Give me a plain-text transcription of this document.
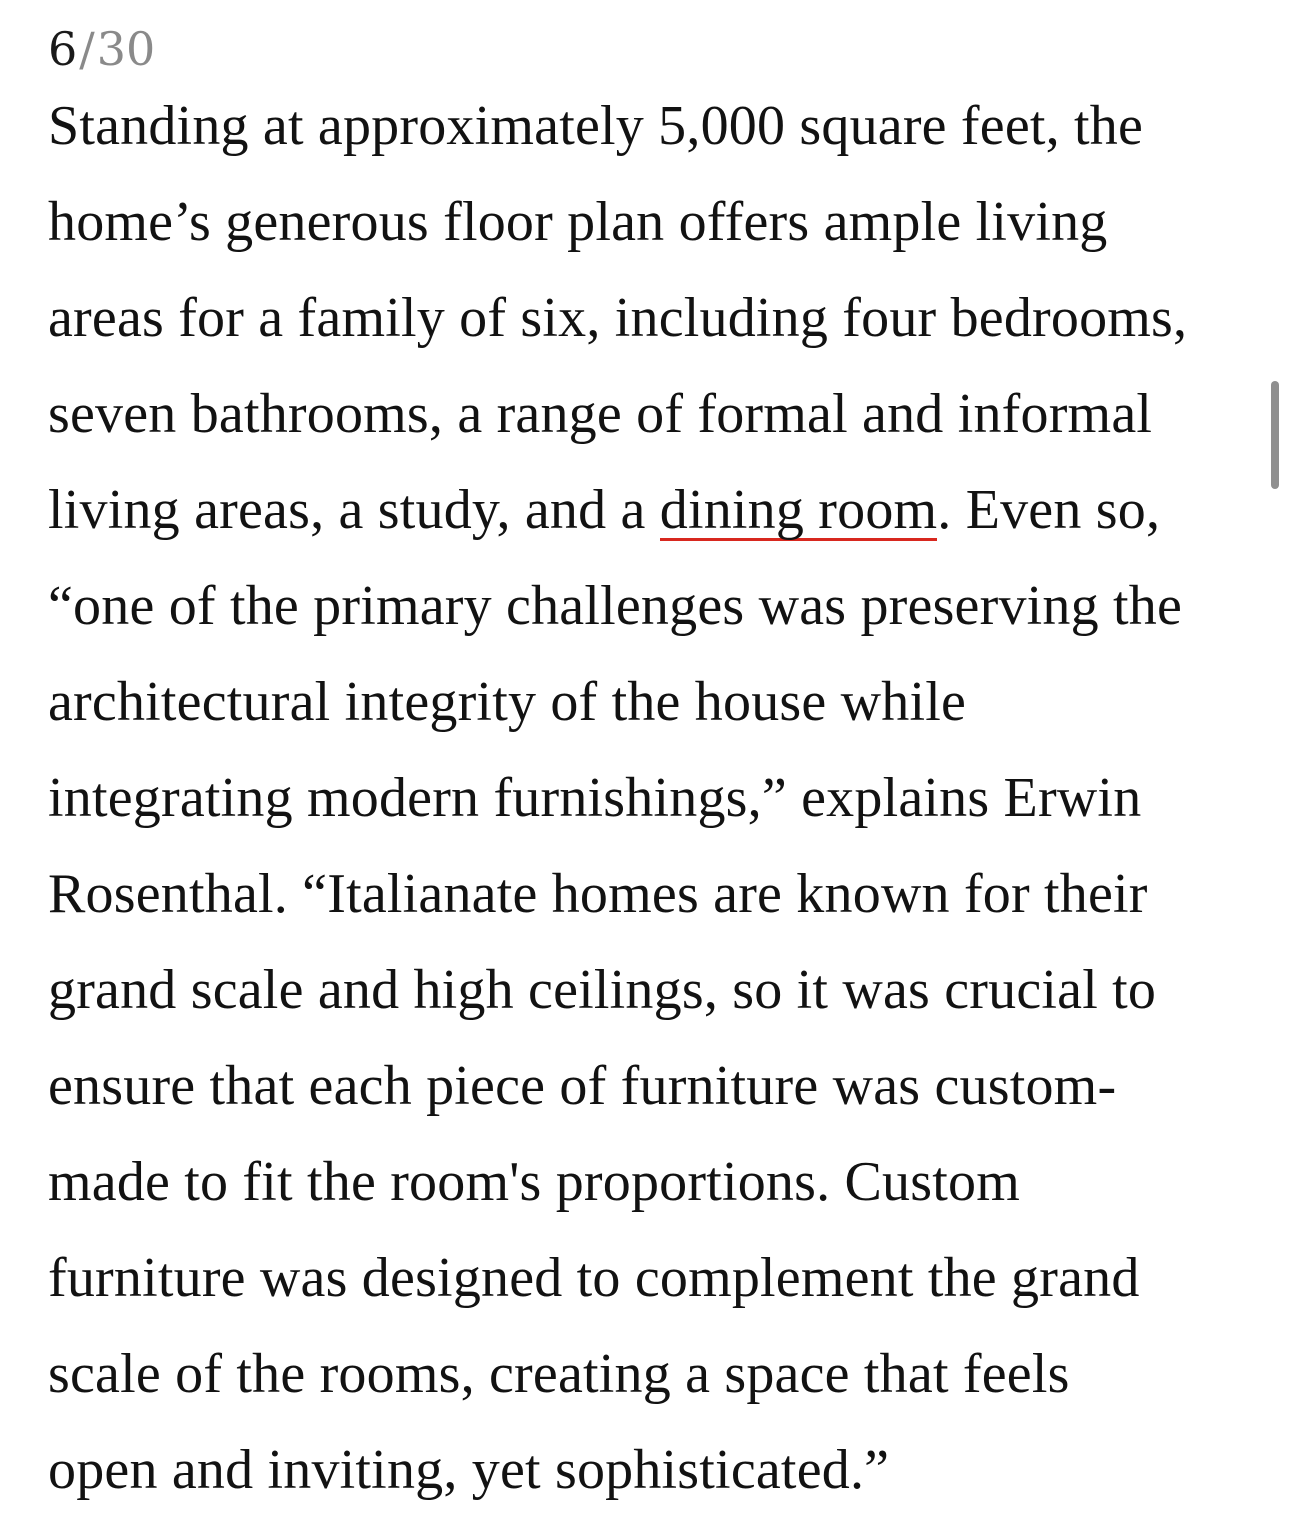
6/30

Standing at approximately 5,000 square feet, the
home’s generous floor plan offers ample living
areas for a family of six, including four bedrooms,
seven bathrooms, a range of formal and informal
living areas, a study, and a dining room. Even so,
“one of the primary challenges was preserving the
architectural integrity of the house while
integrating modern furnishings,” explains Erwin
Rosenthal. “Italianate homes are known for their
grand scale and high ceilings, so it was crucial to
ensure that each piece of furniture was custom-
made to fit the room's proportions. Custom
furniture was designed to complement the grand
scale of the rooms, creating a space that feels
open and inviting, yet sophisticated.”
